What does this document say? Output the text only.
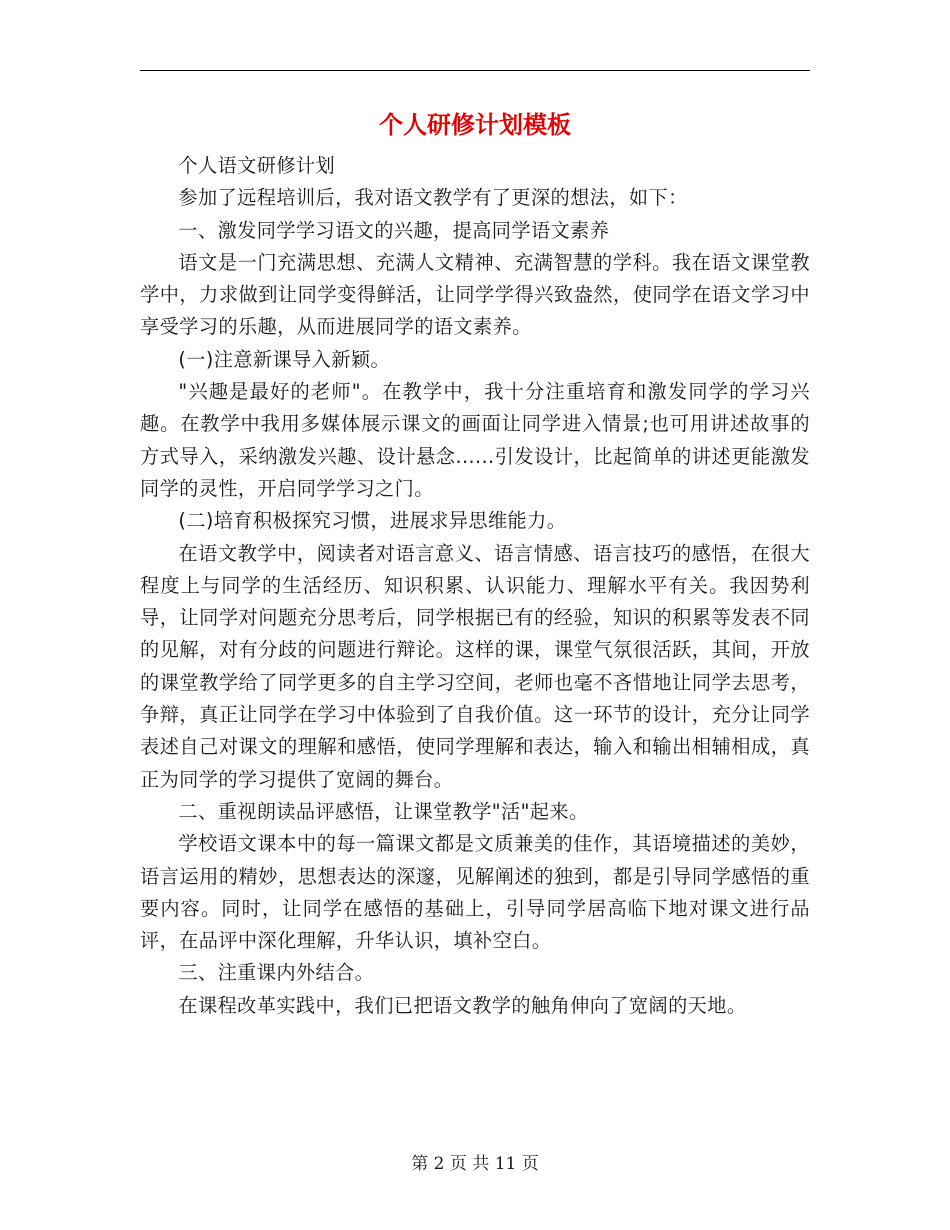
个人研修计划模板

个人语文研修计划

参加了远程培训后，我对语文教学有了更深的想法，如下：

一、激发同学学习语文的兴趣，提高同学语文素养

语文是一门充满思想、充满人文精神、充满智慧的学科。我在语文课堂教学中，力求做到让同学变得鲜活，让同学学得兴致盎然，使同学在语文学习中享受学习的乐趣，从而进展同学的语文素养。

(一)注意新课导入新颖。

"兴趣是最好的老师"。在教学中，我十分注重培育和激发同学的学习兴趣。在教学中我用多媒体展示课文的画面让同学进入情景;也可用讲述故事的方式导入，采纳激发兴趣、设计悬念......引发设计，比起简单的讲述更能激发同学的灵性，开启同学学习之门。

(二)培育积极探究习惯，进展求异思维能力。

在语文教学中，阅读者对语言意义、语言情感、语言技巧的感悟，在很大程度上与同学的生活经历、知识积累、认识能力、理解水平有关。我因势利导，让同学对问题充分思考后，同学根据已有的经验，知识的积累等发表不同的见解，对有分歧的问题进行辩论。这样的课，课堂气氛很活跃，其间，开放的课堂教学给了同学更多的自主学习空间，老师也毫不吝惜地让同学去思考，争辩，真正让同学在学习中体验到了自我价值。这一环节的设计，充分让同学表述自己对课文的理解和感悟，使同学理解和表达，输入和输出相辅相成，真正为同学的学习提供了宽阔的舞台。

二、重视朗读品评感悟，让课堂教学"活"起来。

学校语文课本中的每一篇课文都是文质兼美的佳作，其语境描述的美妙，语言运用的精妙，思想表达的深邃，见解阐述的独到，都是引导同学感悟的重要内容。同时，让同学在感悟的基础上，引导同学居高临下地对课文进行品评，在品评中深化理解，升华认识，填补空白。

三、注重课内外结合。

在课程改革实践中，我们已把语文教学的触角伸向了宽阔的天地。

第 2 页 共 11 页
